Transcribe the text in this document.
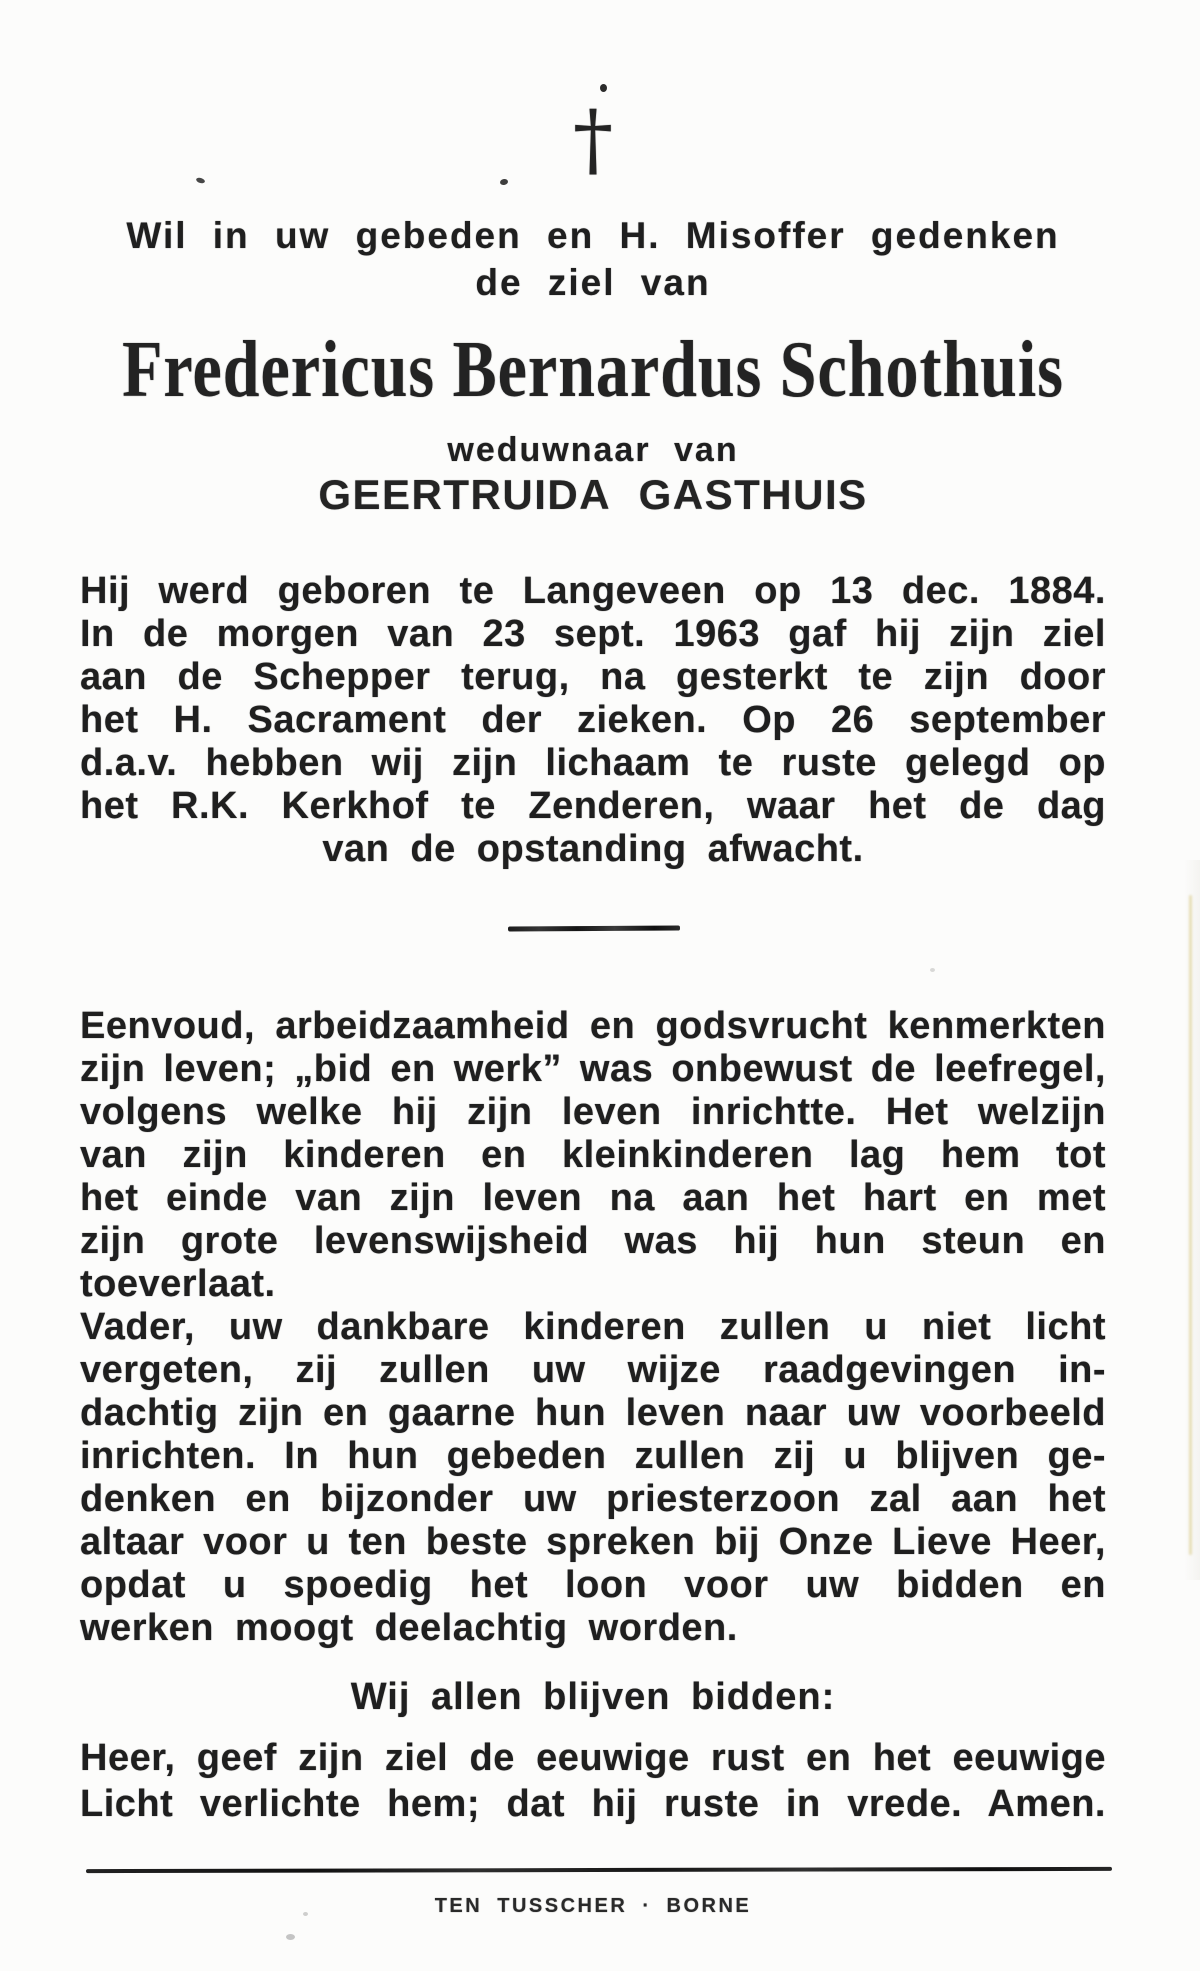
†
Wil in uw gebeden en H. Misoffer gedenken
de ziel van
Fredericus Bernardus Schothuis
weduwnaar van
GEERTRUIDA GASTHUIS
Hij werd geboren te Langeveen op 13 dec. 1884.
In de morgen van 23 sept. 1963 gaf hij zijn ziel
aan de Schepper terug, na gesterkt te zijn door
het H. Sacrament der zieken. Op 26 september
d.a.v. hebben wij zijn lichaam te ruste gelegd op
het R.K. Kerkhof te Zenderen, waar het de dag
van de opstanding afwacht.
Eenvoud, arbeidzaamheid en godsvrucht kenmerkten
zijn leven; „bid en werk” was onbewust de leefregel,
volgens welke hij zijn leven inrichtte. Het welzijn
van zijn kinderen en kleinkinderen lag hem tot
het einde van zijn leven na aan het hart en met
zijn grote levenswijsheid was hij hun steun en
toeverlaat.
Vader, uw dankbare kinderen zullen u niet licht
vergeten, zij zullen uw wijze raadgevingen in-
dachtig zijn en gaarne hun leven naar uw voorbeeld
inrichten. In hun gebeden zullen zij u blijven ge-
denken en bijzonder uw priesterzoon zal aan het
altaar voor u ten beste spreken bij Onze Lieve Heer,
opdat u spoedig het loon voor uw bidden en
werken moogt deelachtig worden.
Wij allen blijven bidden:
Heer, geef zijn ziel de eeuwige rust en het eeuwige
Licht verlichte hem; dat hij ruste in vrede. Amen.
TEN TUSSCHER · BORNE
